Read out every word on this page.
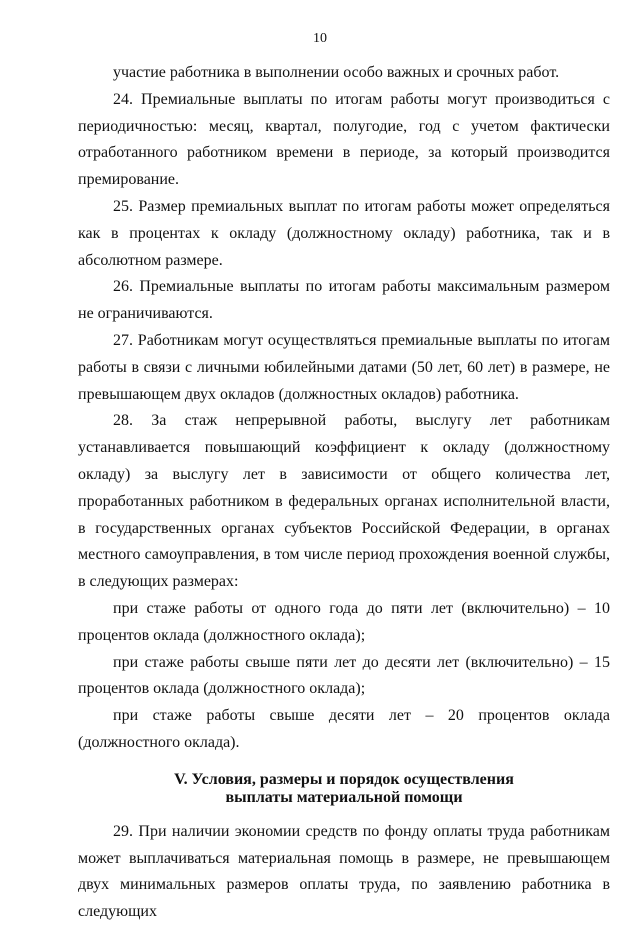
10

участие работника в выполнении особо важных и срочных работ.

24. Премиальные выплаты по итогам работы могут производиться с периодичностью: месяц, квартал, полугодие, год с учетом фактически отработанного работником времени в периоде, за который производится премирование.

25. Размер премиальных выплат по итогам работы может определяться как в процентах к окладу (должностному окладу) работника, так и в абсолютном размере.

26. Премиальные выплаты по итогам работы максимальным размером не ограничиваются.

27. Работникам могут осуществляться премиальные выплаты по итогам работы в связи с личными юбилейными датами (50 лет, 60 лет) в размере, не превышающем двух окладов (должностных окладов) работника.

28. За стаж непрерывной работы, выслугу лет работникам устанавливается повышающий коэффициент к окладу (должностному окладу) за выслугу лет в зависимости от общего количества лет, проработанных работником в федеральных органах исполнительной власти, в государственных органах субъектов Российской Федерации, в органах местного самоуправления, в том числе период прохождения военной службы, в следующих размерах:

при стаже работы от одного года до пяти лет (включительно) – 10 процентов оклада (должностного оклада);

при стаже работы свыше пяти лет до десяти лет (включительно) – 15 процентов оклада (должностного оклада);

при стаже работы свыше десяти лет – 20 процентов оклада (должностного оклада).

V. Условия, размеры и порядок осуществления
выплаты материальной помощи

29. При наличии экономии средств по фонду оплаты труда работникам может выплачиваться материальная помощь в размере, не превышающем двух минимальных размеров оплаты труда, по заявлению работника в следующих
